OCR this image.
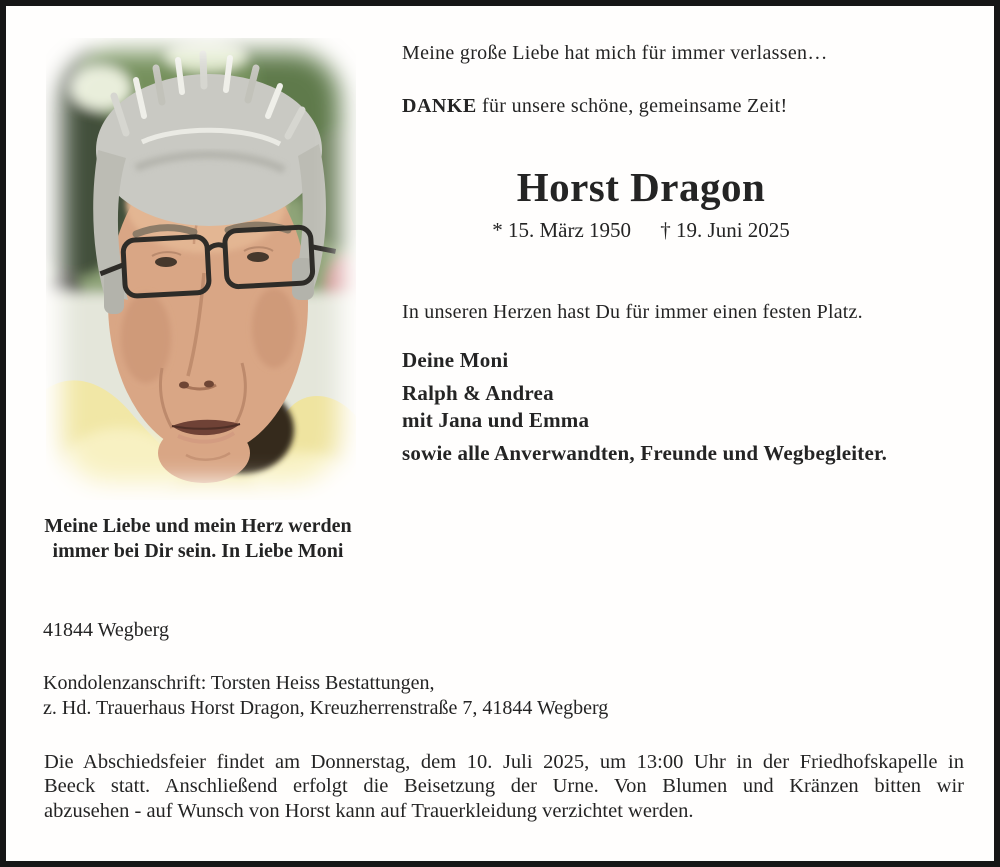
Meine Liebe und mein Herz werden
immer bei Dir sein. In Liebe Moni
Meine große Liebe hat mich für immer verlassen…
DANKE für unsere schöne, gemeinsame Zeit!
Horst Dragon
* 15. März 1950 † 19. Juni 2025
In unseren Herzen hast Du für immer einen festen Platz.
Deine Moni
Ralph & Andrea
mit Jana und Emma
sowie alle Anverwandten, Freunde und Wegbegleiter.
41844 Wegberg
Kondolenzanschrift: Torsten Heiss Bestattungen,
z. Hd. Trauerhaus Horst Dragon, Kreuzherrenstraße 7, 41844 Wegberg
Die Abschiedsfeier findet am Donnerstag, dem 10. Juli 2025, um 13:00 Uhr in der Friedhofskapelle in
Beeck statt. Anschließend erfolgt die Beisetzung der Urne. Von Blumen und Kränzen bitten wir
abzusehen - auf Wunsch von Horst kann auf Trauerkleidung verzichtet werden.
